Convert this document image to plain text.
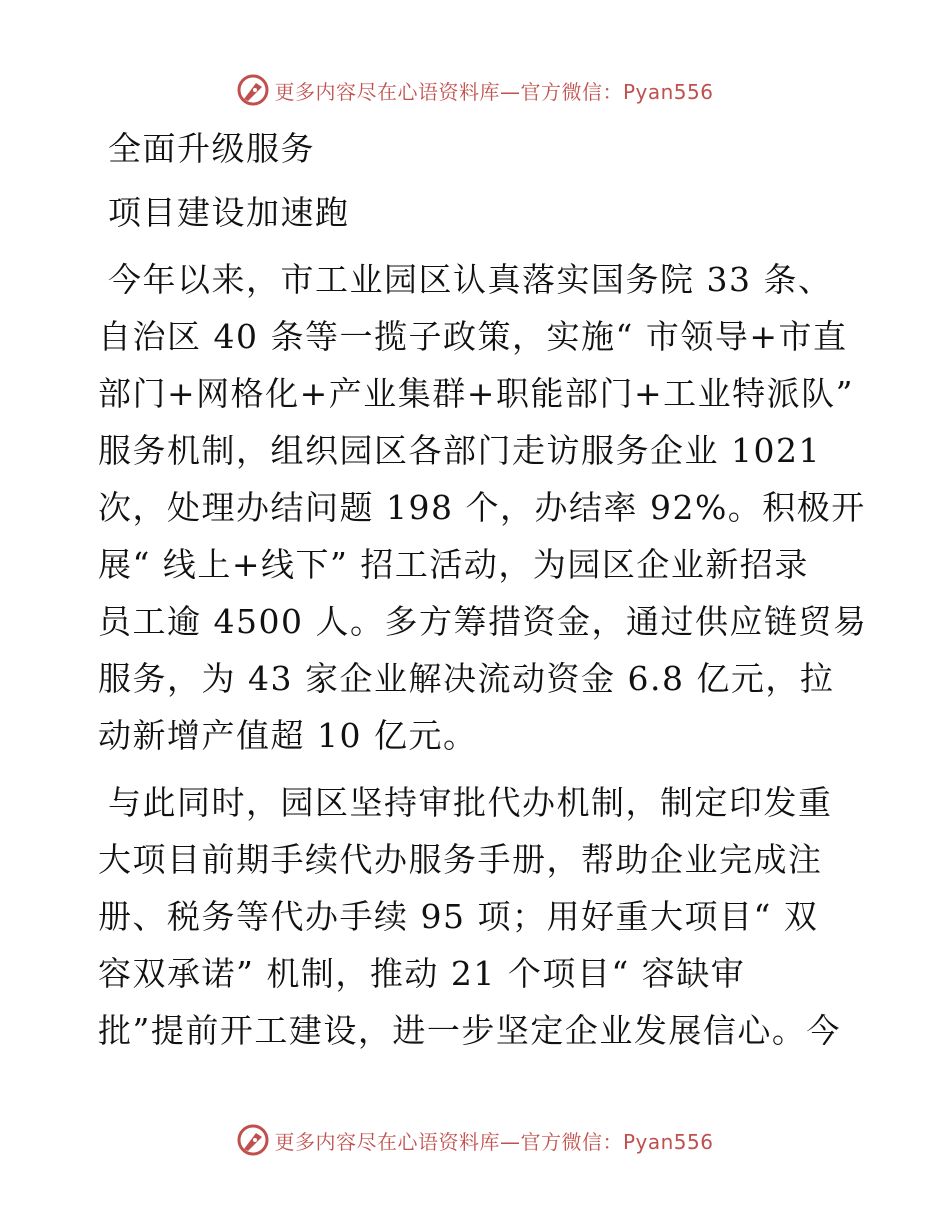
更多内容尽在心语资料库—官方微信：Pyan556
全面升级服务
项目建设加速跑
今年以来，市工业园区认真落实国务院 33 条、
自治区 40 条等一揽子政策，实施“ 市领导+市直
部门+网格化+产业集群+职能部门+工业特派队”
服务机制，组织园区各部门走访服务企业 1021
次，处理办结问题 198 个，办结率 92%。积极开
展“ 线上+线下” 招工活动，为园区企业新招录
员工逾 4500 人。多方筹措资金，通过供应链贸易
服务，为 43 家企业解决流动资金 6.8 亿元，拉
动新增产值超 10 亿元。
与此同时，园区坚持审批代办机制，制定印发重
大项目前期手续代办服务手册，帮助企业完成注
册、税务等代办手续 95 项；用好重大项目“ 双
容双承诺” 机制，推动 21 个项目“ 容缺审
批”提前开工建设，进一步坚定企业发展信心。今
更多内容尽在心语资料库—官方微信：Pyan556
